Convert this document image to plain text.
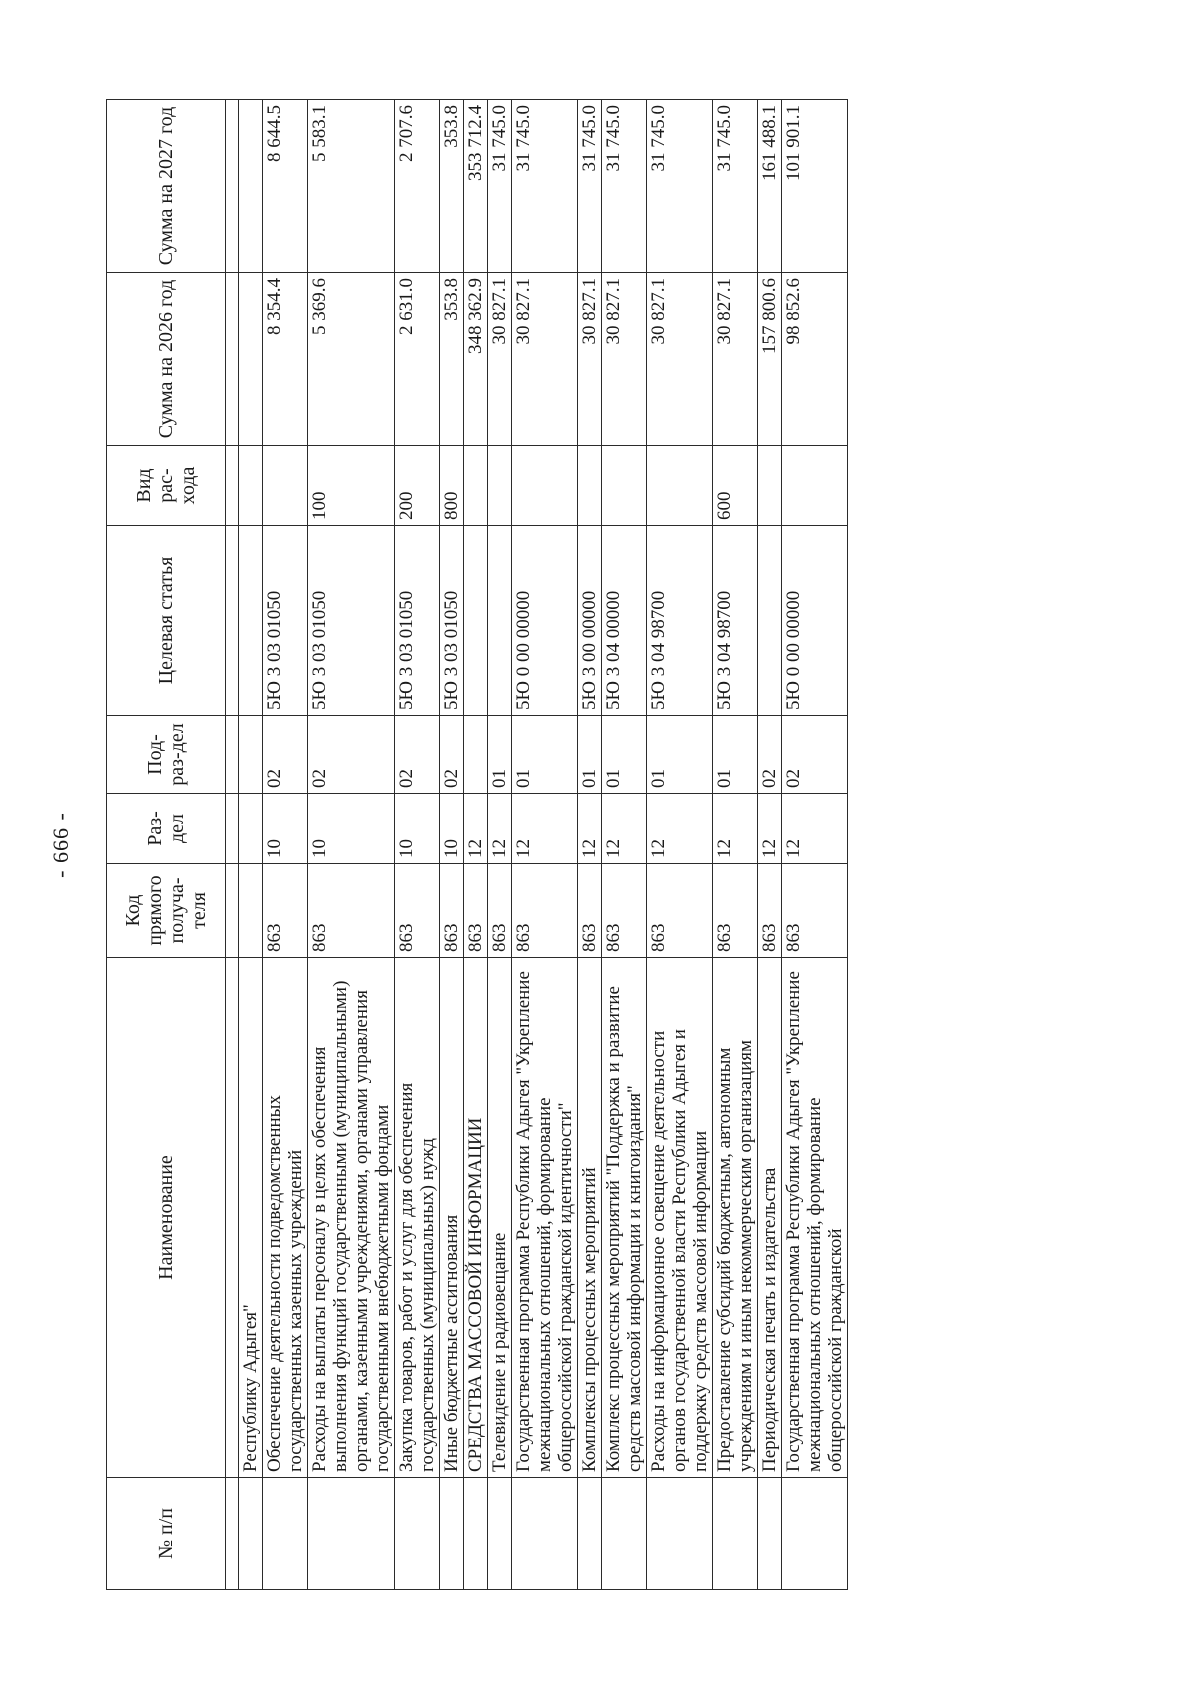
- 666 -
№ п/п	Наименование	Код прямого получа-теля	Раз-дел	Под-раз-дел	Целевая статья	Вид рас-хода	Сумма на 2026 год	Сумма на 2027 год

	Республику Адыгея"							
	Обеспечение деятельности подведомственных государственных казенных учреждений	863	10	02	5Ю 3 03 01050		8 354.4	8 644.5
	Расходы на выплаты персоналу в целях обеспечения выполнения функций государственными (муниципальными) органами, казенными учреждениями, органами управления государственными внебюджетными фондами	863	10	02	5Ю 3 03 01050	100	5 369.6	5 583.1
	Закупка товаров, работ и услуг для обеспечения государственных (муниципальных) нужд	863	10	02	5Ю 3 03 01050	200	2 631.0	2 707.6
	Иные бюджетные ассигнования	863	10	02	5Ю 3 03 01050	800	353.8	353.8
	СРЕДСТВА МАССОВОЙ ИНФОРМАЦИИ	863	12				348 362.9	353 712.4
	Телевидение и радиовещание	863	12	01			30 827.1	31 745.0
	Государственная программа Республики Адыгея "Укрепление межнациональных отношений, формирование общероссийской гражданской идентичности"	863	12	01	5Ю 0 00 00000		30 827.1	31 745.0
	Комплексы процессных мероприятий	863	12	01	5Ю 3 00 00000		30 827.1	31 745.0
	Комплекс процессных мероприятий "Поддержка и развитие средств массовой информации и книгоиздания"	863	12	01	5Ю 3 04 00000		30 827.1	31 745.0
	Расходы на информационное освещение деятельности органов государственной власти Республики Адыгея и поддержку средств массовой информации	863	12	01	5Ю 3 04 98700		30 827.1	31 745.0
	Предоставление субсидий бюджетным, автономным учреждениям и иным некоммерческим организациям	863	12	01	5Ю 3 04 98700	600	30 827.1	31 745.0
	Периодическая печать и издательства	863	12	02			157 800.6	161 488.1
	Государственная программа Республики Адыгея "Укрепление межнациональных отношений, формирование общероссийской гражданской	863	12	02	5Ю 0 00 00000		98 852.6	101 901.1
